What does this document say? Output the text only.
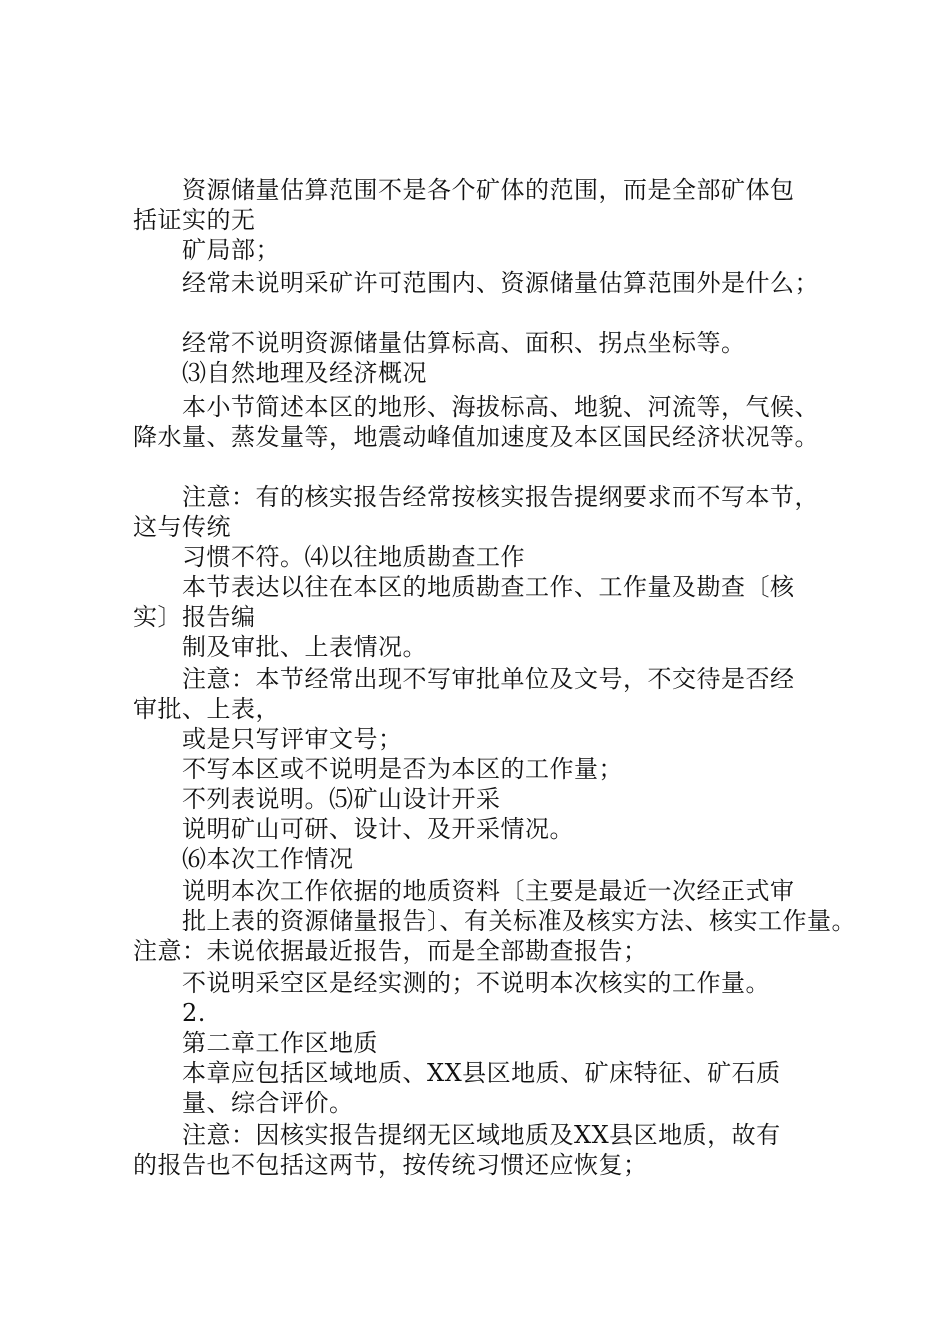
资源储量估算范围不是各个矿体的范围，而是全部矿体包
括证实的无
矿局部；
经常未说明采矿许可范围内、资源储量估算范围外是什么；
经常不说明资源储量估算标高、面积、拐点坐标等。
⑶自然地理及经济概况
本小节简述本区的地形、海拔标高、地貌、河流等，气候、
降水量、蒸发量等，地震动峰值加速度及本区国民经济状况等。
注意：有的核实报告经常按核实报告提纲要求而不写本节，
这与传统
习惯不符。⑷以往地质勘查工作
本节表达以往在本区的地质勘查工作、工作量及勘查〔核
实〕报告编
制及审批、上表情况。
注意：本节经常出现不写审批单位及文号，不交待是否经
审批、上表，
或是只写评审文号；
不写本区或不说明是否为本区的工作量；
不列表说明。⑸矿山设计开采
说明矿山可研、设计、及开采情况。
⑹本次工作情况
说明本次工作依据的地质资料〔主要是最近一次经正式审
批上表的资源储量报告〕、有关标准及核实方法、核实工作量。
注意：未说依据最近报告，而是全部勘查报告；
不说明采空区是经实测的；不说明本次核实的工作量。
2.
第二章工作区地质
本章应包括区域地质、XX县区地质、矿床特征、矿石质
量、综合评价。
注意：因核实报告提纲无区域地质及XX县区地质，故有
的报告也不包括这两节，按传统习惯还应恢复；
